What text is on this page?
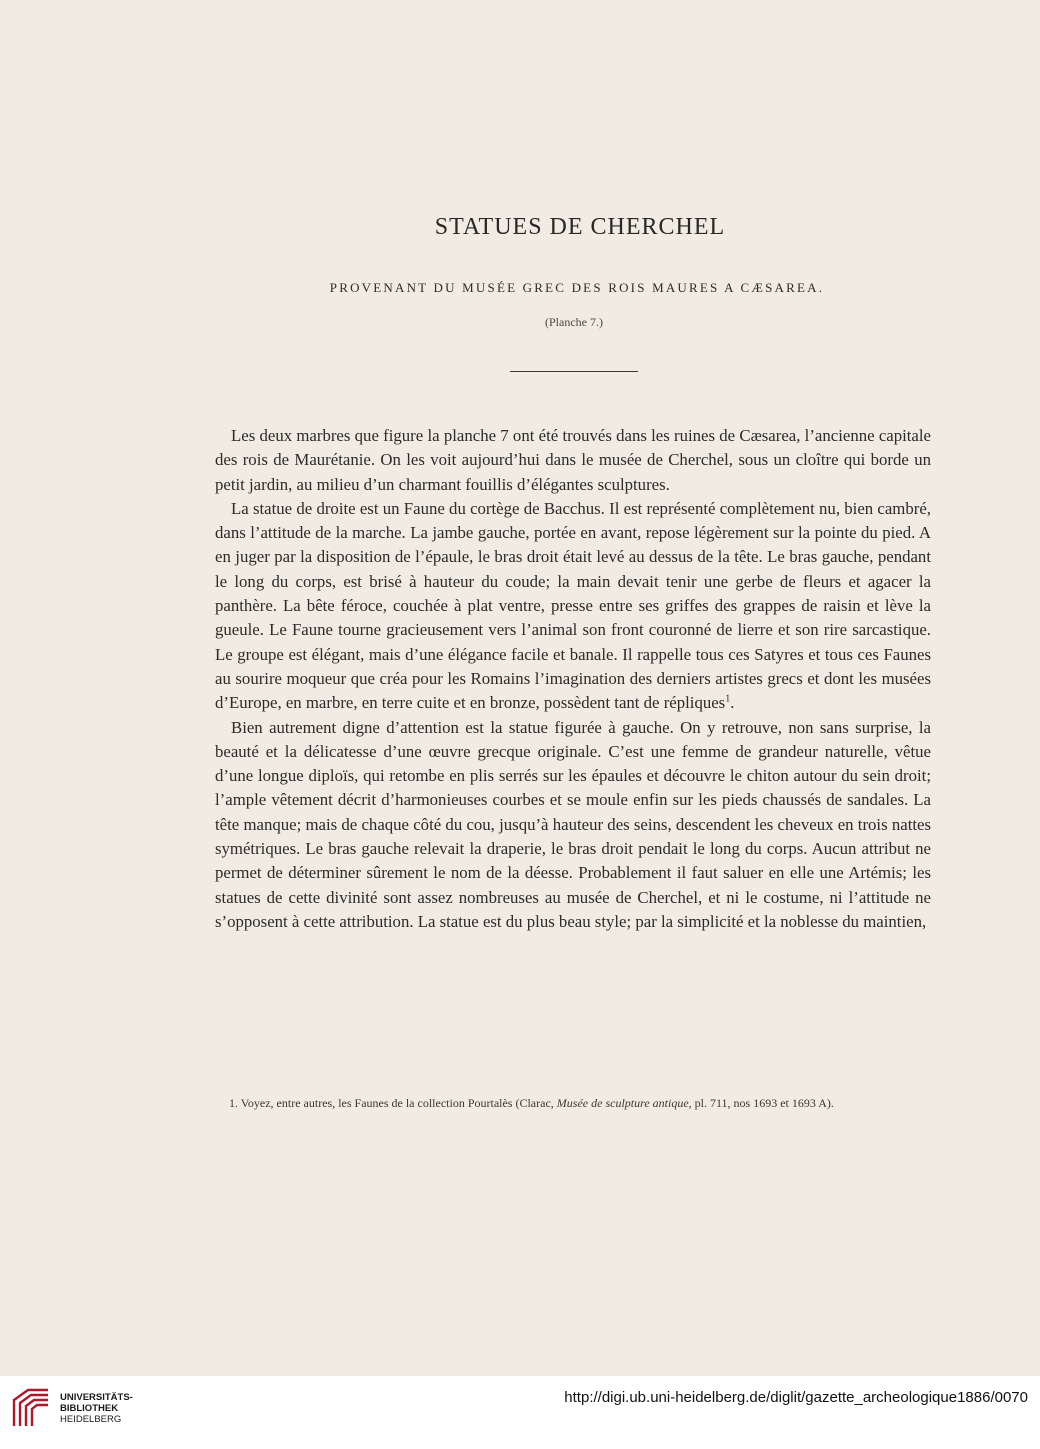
STATUES DE CHERCHEL
PROVENANT DU MUSÉE GREC DES ROIS MAURES A CÆSAREA.
(Planche 7.)

Les deux marbres que figure la planche 7 ont été trouvés dans les ruines de Cæsarea, l’ancienne capitale des rois de Maurétanie. On les voit aujourd’hui dans le musée de Cherchel, sous un cloître qui borde un petit jardin, au milieu d’un charmant fouillis d’élégantes sculptures.

La statue de droite est un Faune du cortège de Bacchus. Il est représenté complètement nu, bien cambré, dans l’attitude de la marche. La jambe gauche, portée en avant, repose légèrement sur la pointe du pied. A en juger par la disposition de l’épaule, le bras droit était levé au dessus de la tête. Le bras gauche, pendant le long du corps, est brisé à hauteur du coude; la main devait tenir une gerbe de fleurs et agacer la panthère. La bête féroce, couchée à plat ventre, presse entre ses griffes des grappes de raisin et lève la gueule. Le Faune tourne gracieusement vers l’animal son front couronné de lierre et son rire sarcastique. Le groupe est élégant, mais d’une élégance facile et banale. Il rappelle tous ces Satyres et tous ces Faunes au sourire moqueur que créa pour les Romains l’imagination des derniers artistes grecs et dont les musées d’Europe, en marbre, en terre cuite et en bronze, possèdent tant de répliques$^1$.

Bien autrement digne d’attention est la statue figurée à gauche. On y retrouve, non sans surprise, la beauté et la délicatesse d’une œuvre grecque originale. C’est une femme de grandeur naturelle, vêtue d’une longue diploïs, qui retombe en plis serrés sur les épaules et découvre le chiton autour du sein droit; l’ample vêtement décrit d’harmonieuses courbes et se moule enfin sur les pieds chaussés de sandales. La tête manque; mais de chaque côté du cou, jusqu’à hauteur des seins, descendent les cheveux en trois nattes symétriques. Le bras gauche relevait la draperie, le bras droit pendait le long du corps. Aucun attribut ne permet de déterminer sûrement le nom de la déesse. Probablement il faut saluer en elle une Artémis; les statues de cette divinité sont assez nombreuses au musée de Cherchel, et ni le costume, ni l’attitude ne s’opposent à cette attribution. La statue est du plus beau style; par la simplicité et la noblesse du maintien,

1. Voyez, entre autres, les Faunes de la collection Pourtalès (Clarac, Musée de sculpture antique, pl. 711, nos 1693 et 1693 A).
UNIVERSITÄTS-
BIBLIOTHEK
HEIDELBERG
http://digi.ub.uni-heidelberg.de/diglit/gazette_archeologique1886/0070
